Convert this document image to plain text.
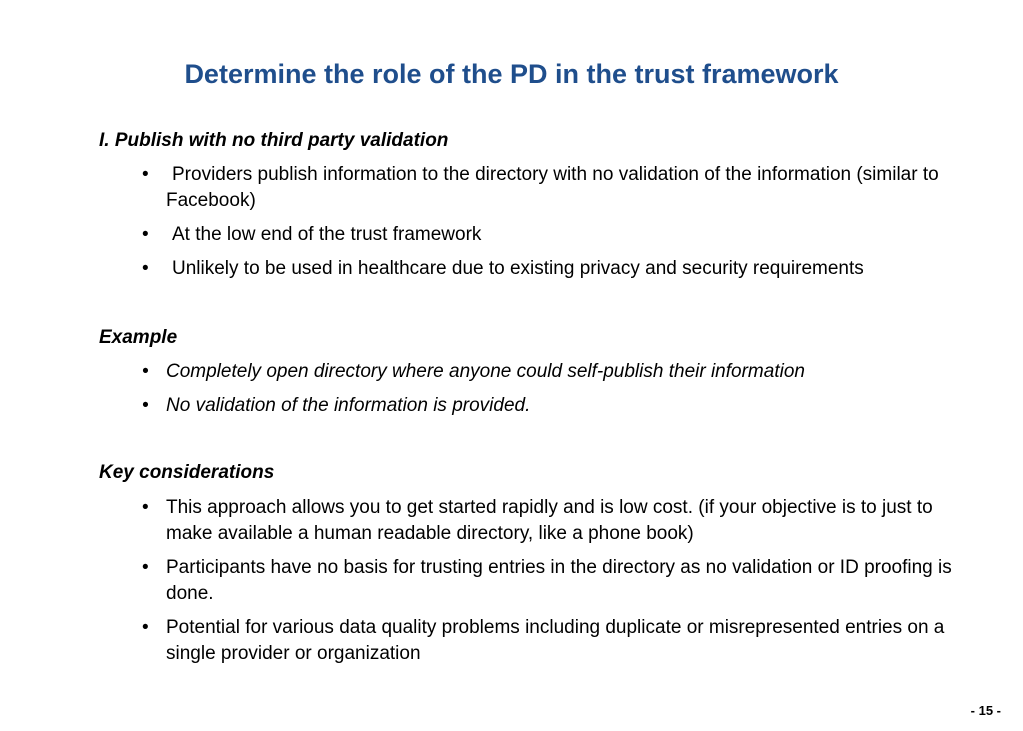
Determine the role of the PD in the trust framework

I. Publish with no third party validation

• Providers publish information to the directory with no validation of the information (similar to Facebook)
• At the low end of the trust framework
• Unlikely to be used in healthcare due to existing privacy and security requirements

Example

• Completely open directory where anyone could self-publish their information
• No validation of the information is provided.

Key considerations

• This approach allows you to get started rapidly and is low cost. (if your objective is to just to make available a human readable directory, like a phone book)
• Participants have no basis for trusting entries in the directory as no validation or ID proofing is done.
• Potential for various data quality problems including duplicate or misrepresented entries on a single provider or organization

- 15 -
